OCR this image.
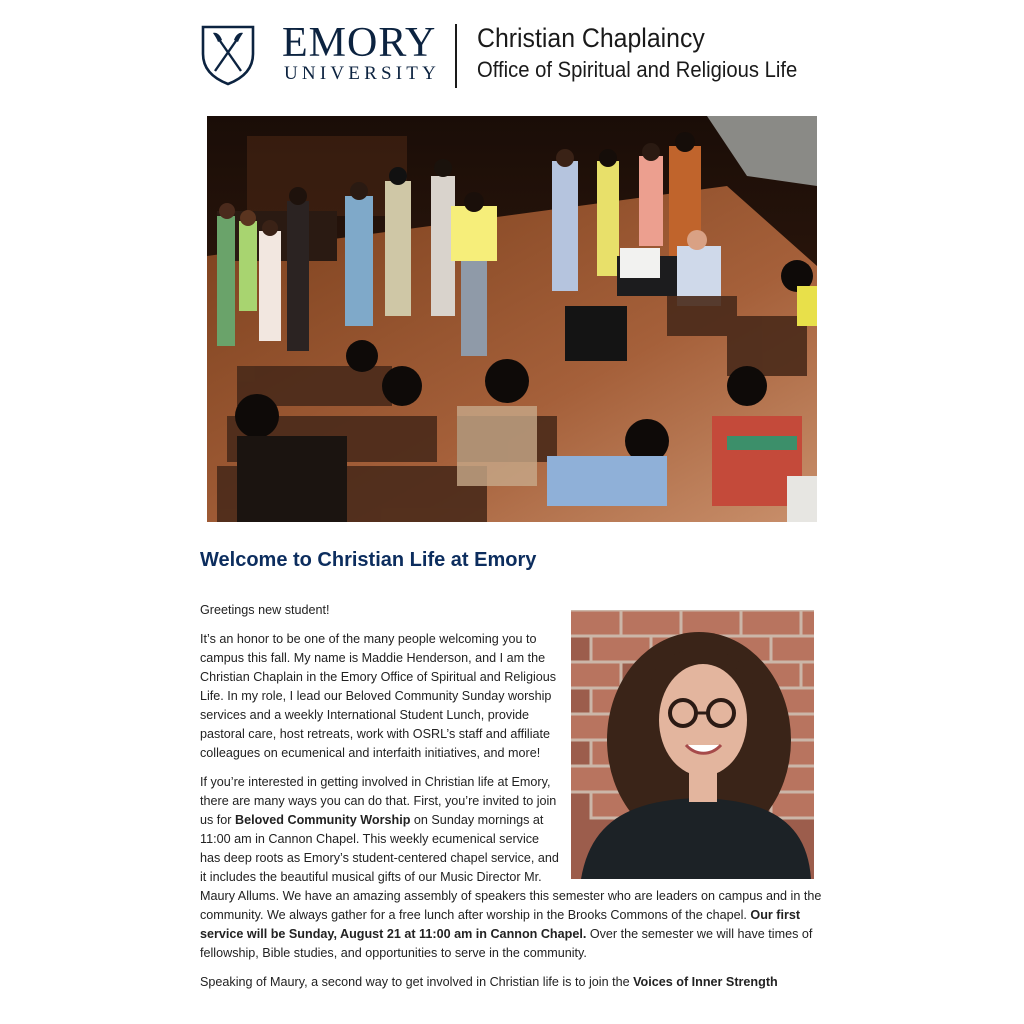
EMORY
UNIVERSITY
Christian Chaplaincy
Office of Spiritual and Religious Life
Welcome to Christian Life at Emory

Greetings new student!

It’s an honor to be one of the many people welcoming you to campus this fall. My name is Maddie Henderson, and I am the Christian Chaplain in the Emory Office of Spiritual and Religious Life. In my role, I lead our Beloved Community Sunday worship services and a weekly International Student Lunch, provide pastoral care, host retreats, work with OSRL’s staff and affiliate colleagues on ecumenical and interfaith initiatives, and more!

If you’re interested in getting involved in Christian life at Emory, there are many ways you can do that. First, you’re invited to join us for Beloved Community Worship on Sunday mornings at 11:00 am in Cannon Chapel. This weekly ecumenical service has deep roots as Emory’s student-centered chapel service, and it includes the beautiful musical gifts of our Music Director Mr. Maury Allums. We have an amazing assembly of speakers this semester who are leaders on campus and in the community. We always gather for a free lunch after worship in the Brooks Commons of the chapel. Our first service will be Sunday, August 21 at 11:00 am in Cannon Chapel. Over the semester we will have times of fellowship, Bible studies, and opportunities to serve in the community.

Speaking of Maury, a second way to get involved in Christian life is to join the Voices of Inner Strength
